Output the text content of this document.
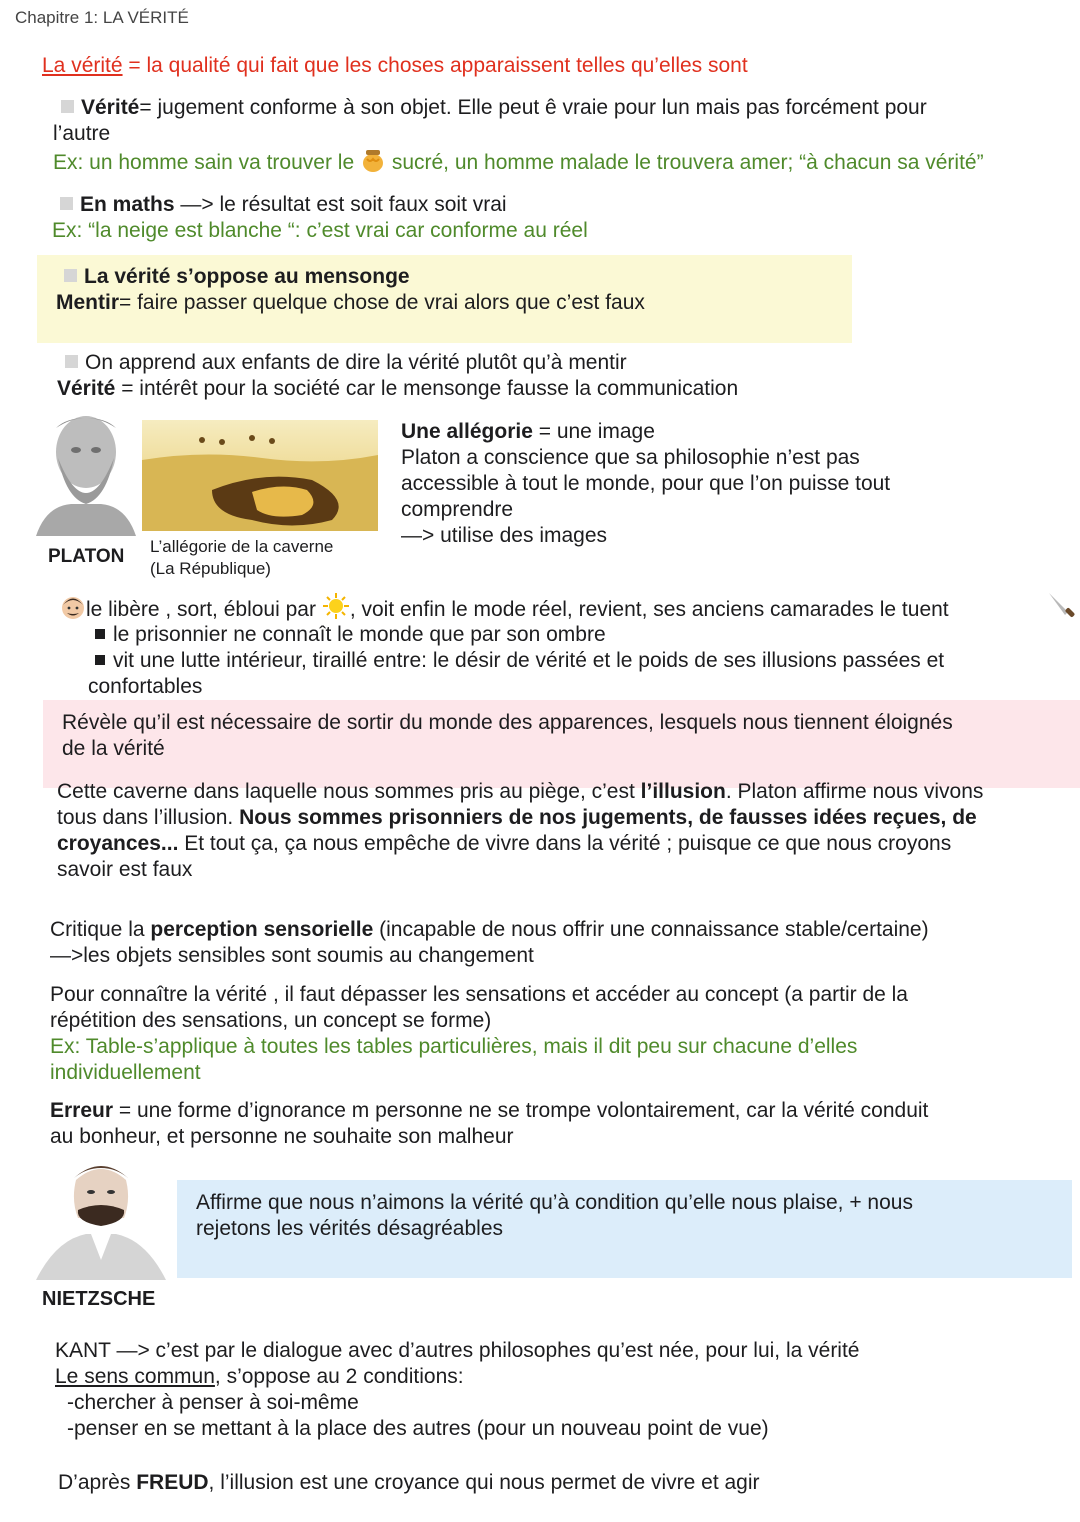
Chapitre 1: LA VÉRITÉ
La vérité = la qualité qui fait que les choses apparaissent telles qu’elles sont
Vérité= jugement conforme à son objet. Elle peut ê vraie pour lun mais pas forcément pour
l’autre
Ex: un homme sain va trouver le sucré, un homme malade le trouvera amer; “à chacun sa vérité”
En maths —> le résultat est soit faux soit vrai
Ex: “la neige est blanche “: c’est vrai car conforme au réel
La vérité s’oppose au mensonge
Mentir= faire passer quelque chose de vrai alors que c’est faux
On apprend aux enfants de dire la vérité plutôt qu’à mentir
Vérité = intérêt pour la société car le mensonge fausse la communication
PLATON L’allégorie de la caverne
(La République)
Une allégorie = une image
Platon a conscience que sa philosophie n’est pas
accessible à tout le monde, pour que l’on puisse tout
comprendre
—> utilise des images
le libère , sort, ébloui par , voit enfin le mode réel, revient, ses anciens camarades le tuent
le prisonnier ne connaît le monde que par son ombre
vit une lutte intérieur, tiraillé entre: le désir de vérité et le poids de ses illusions passées et
confortables
Révèle qu’il est nécessaire de sortir du monde des apparences, lesquels nous tiennent éloignés
de la vérité
Cette caverne dans laquelle nous sommes pris au piège, c’est l’illusion. Platon affirme nous vivons
tous dans l’illusion. Nous sommes prisonniers de nos jugements, de fausses idées reçues, de
croyances... Et tout ça, ça nous empêche de vivre dans la vérité ; puisque ce que nous croyons
savoir est faux
Critique la perception sensorielle (incapable de nous offrir une connaissance stable/certaine)
—>les objets sensibles sont soumis au changement
Pour connaître la vérité , il faut dépasser les sensations et accéder au concept (a partir de la
répétition des sensations, un concept se forme)
Ex: Table-s’applique à toutes les tables particulières, mais il dit peu sur chacune d’elles
individuellement
Erreur = une forme d’ignorance m personne ne se trompe volontairement, car la vérité conduit
au bonheur, et personne ne souhaite son malheur
NIETZSCHE
Affirme que nous n’aimons la vérité qu’à condition qu’elle nous plaise, + nous
rejetons les vérités désagréables
KANT —> c’est par le dialogue avec d’autres philosophes qu’est née, pour lui, la vérité
Le sens commun, s’oppose au 2 conditions:
-chercher à penser à soi-même
-penser en se mettant à la place des autres (pour un nouveau point de vue)
D’après FREUD, l’illusion est une croyance qui nous permet de vivre et agir
